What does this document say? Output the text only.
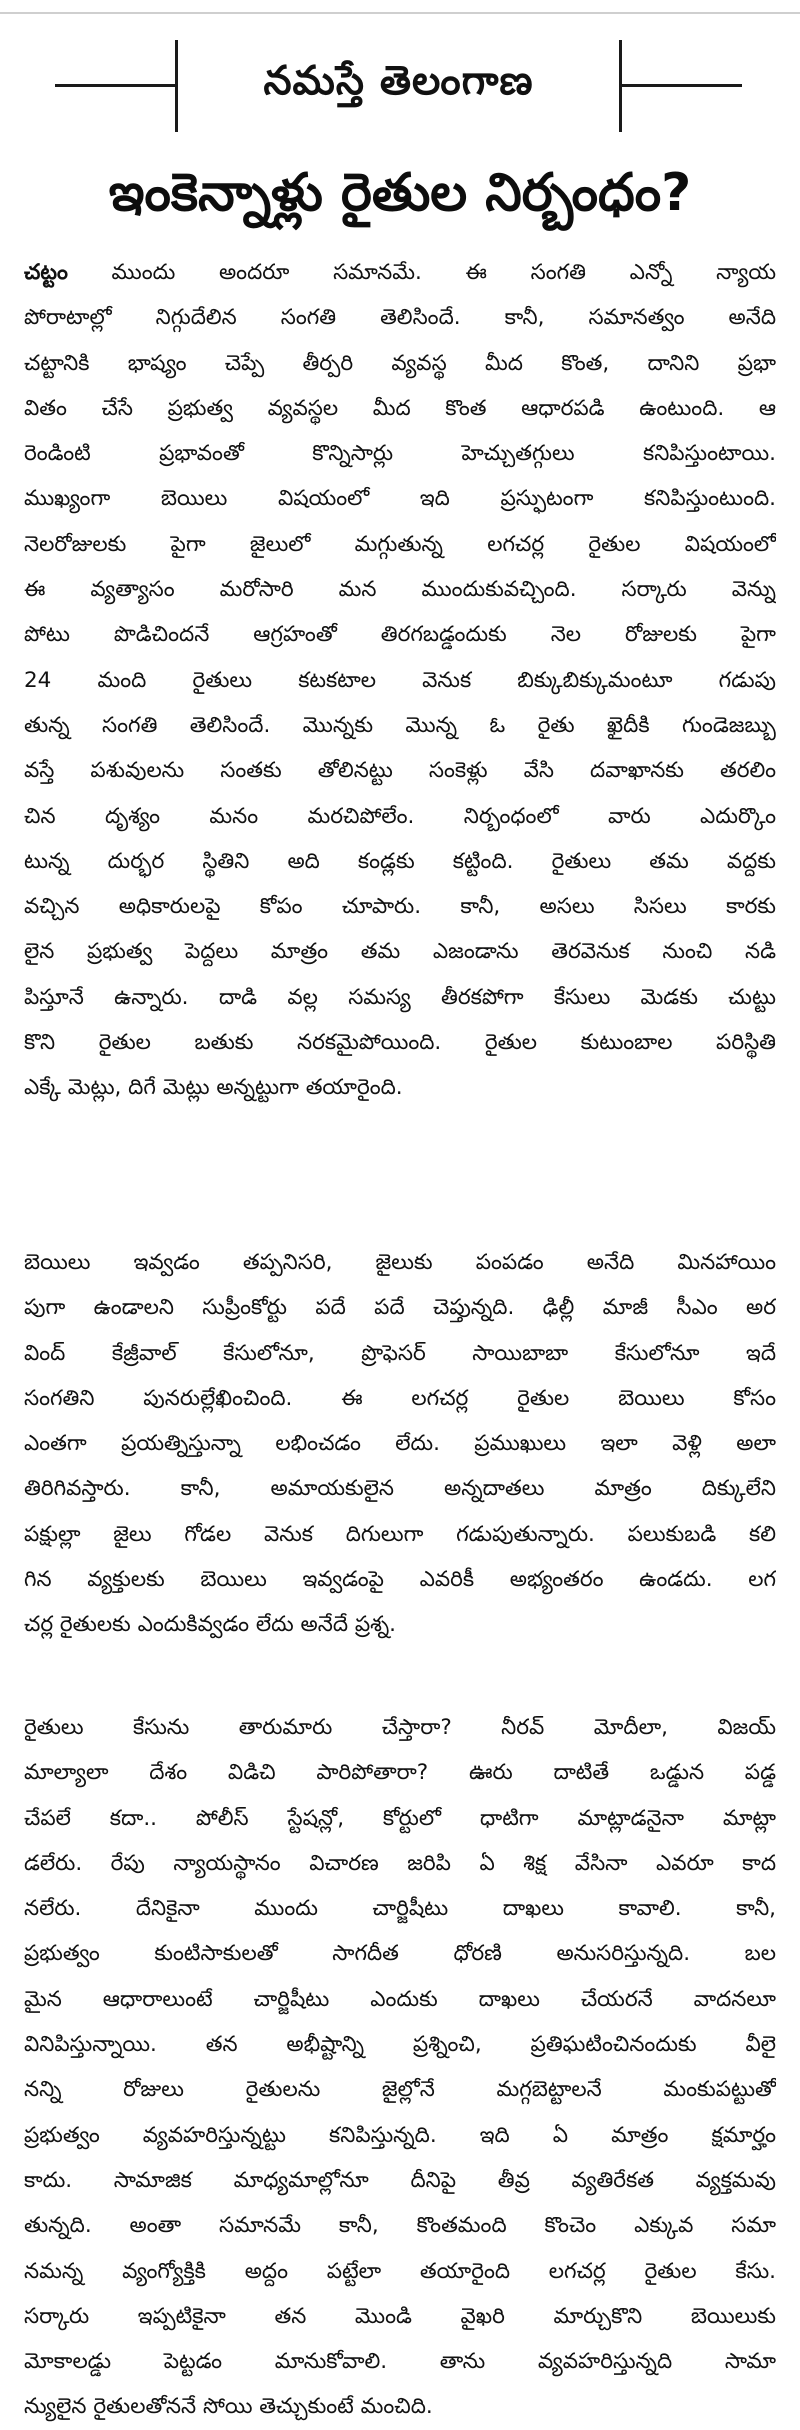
నమస్తే తెలంగాణ
ఇంకెన్నాళ్లు రైతుల నిర్బంధం?
చట్టం ముందు అందరూ సమానమే. ఈ సంగతి ఎన్నో న్యాయ
పోరాటాల్లో నిగ్గుదేలిన సంగతి తెలిసిందే. కానీ, సమానత్వం అనేది
చట్టానికి భాష్యం చెప్పే తీర్పరి వ్యవస్థ మీద కొంత, దానిని ప్రభా
వితం చేసే ప్రభుత్వ వ్యవస్థల మీద కొంత ఆధారపడి ఉంటుంది. ఆ
రెండింటి ప్రభావంతో కొన్నిసార్లు హెచ్చుతగ్గులు కనిపిస్తుంటాయి.
ముఖ్యంగా బెయిలు విషయంలో ఇది ప్రస్ఫుటంగా కనిపిస్తుంటుంది.
నెలరోజులకు పైగా జైలులో మగ్గుతున్న లగచర్ల రైతుల విషయంలో
ఈ వ్యత్యాసం మరోసారి మన ముందుకువచ్చింది. సర్కారు వెన్ను
పోటు పొడిచిందనే ఆగ్రహంతో తిరగబడ్డందుకు నెల రోజులకు పైగా
24 మంది రైతులు కటకటాల వెనుక బిక్కుబిక్కుమంటూ గడుపు
తున్న సంగతి తెలిసిందే. మొన్నకు మొన్న ఓ రైతు ఖైదీకి గుండెజబ్బు
వస్తే పశువులను సంతకు తోలినట్టు సంకెళ్లు వేసి దవాఖానకు తరలిం
చిన దృశ్యం మనం మరచిపోలేం. నిర్బంధంలో వారు ఎదుర్కొం
టున్న దుర్భర స్థితిని అది కండ్లకు కట్టింది. రైతులు తమ వద్దకు
వచ్చిన అధికారులపై కోపం చూపారు. కానీ, అసలు సిసలు కారకు
లైన ప్రభుత్వ పెద్దలు మాత్రం తమ ఎజండాను తెరవెనుక నుంచి నడి
పిస్తూనే ఉన్నారు. దాడి వల్ల సమస్య తీరకపోగా కేసులు మెడకు చుట్టు
కొని రైతుల బతుకు నరకమైపోయింది. రైతుల కుటుంబాల పరిస్థితి
ఎక్కే మెట్లు, దిగే మెట్లు అన్నట్టుగా తయారైంది.
బెయిలు ఇవ్వడం తప్పనిసరి, జైలుకు పంపడం అనేది మినహాయిం
పుగా ఉండాలని సుప్రీంకోర్టు పదే పదే చెప్తున్నది. ఢిల్లీ మాజీ సీఎం అర
వింద్ కేజ్రీవాల్ కేసులోనూ, ప్రొఫెసర్ సాయిబాబా కేసులోనూ ఇదే
సంగతిని పునరుల్లేఖించింది. ఈ లగచర్ల రైతుల బెయిలు కోసం
ఎంతగా ప్రయత్నిస్తున్నా లభించడం లేదు. ప్రముఖులు ఇలా వెళ్లి అలా
తిరిగివస్తారు. కానీ, అమాయకులైన అన్నదాతలు మాత్రం దిక్కులేని
పక్షుల్లా జైలు గోడల వెనుక దిగులుగా గడుపుతున్నారు. పలుకుబడి కలి
గిన వ్యక్తులకు బెయిలు ఇవ్వడంపై ఎవరికీ అభ్యంతరం ఉండదు. లగ
చర్ల రైతులకు ఎందుకివ్వడం లేదు అనేదే ప్రశ్న.
రైతులు కేసును తారుమారు చేస్తారా? నీరవ్ మోదీలా, విజయ్
మాల్యాలా దేశం విడిచి పారిపోతారా? ఊరు దాటితే ఒడ్డున పడ్డ
చేపలే కదా.. పోలీస్ స్టేషన్లో, కోర్టులో ధాటిగా మాట్లాడనైనా మాట్లా
డలేరు. రేపు న్యాయస్థానం విచారణ జరిపి ఏ శిక్ష వేసినా ఎవరూ కాద
నలేరు. దేనికైనా ముందు చార్జిషీటు దాఖలు కావాలి. కానీ,
ప్రభుత్వం కుంటిసాకులతో సాగదీత ధోరణి అనుసరిస్తున్నది. బల
మైన ఆధారాలుంటే చార్జిషీటు ఎందుకు దాఖలు చేయరనే వాదనలూ
వినిపిస్తున్నాయి. తన అభీష్టాన్ని ప్రశ్నించి, ప్రతిఘటించినందుకు వీలై
నన్ని రోజులు రైతులను జైల్లోనే మగ్గబెట్టాలనే మంకుపట్టుతో
ప్రభుత్వం వ్యవహరిస్తున్నట్టు కనిపిస్తున్నది. ఇది ఏ మాత్రం క్షమార్హం
కాదు. సామాజిక మాధ్యమాల్లోనూ దీనిపై తీవ్ర వ్యతిరేకత వ్యక్తమవు
తున్నది. అంతా సమానమే కానీ, కొంతమంది కొంచెం ఎక్కువ సమా
నమన్న వ్యంగ్యోక్తికి అద్దం పట్టేలా తయారైంది లగచర్ల రైతుల కేసు.
సర్కారు ఇప్పటికైనా తన మొండి వైఖరి మార్చుకొని బెయిలుకు
మోకాలడ్డు పెట్టడం మానుకోవాలి. తాను వ్యవహరిస్తున్నది సామా
న్యులైన రైతులతోననే సోయి తెచ్చుకుంటే మంచిది.
